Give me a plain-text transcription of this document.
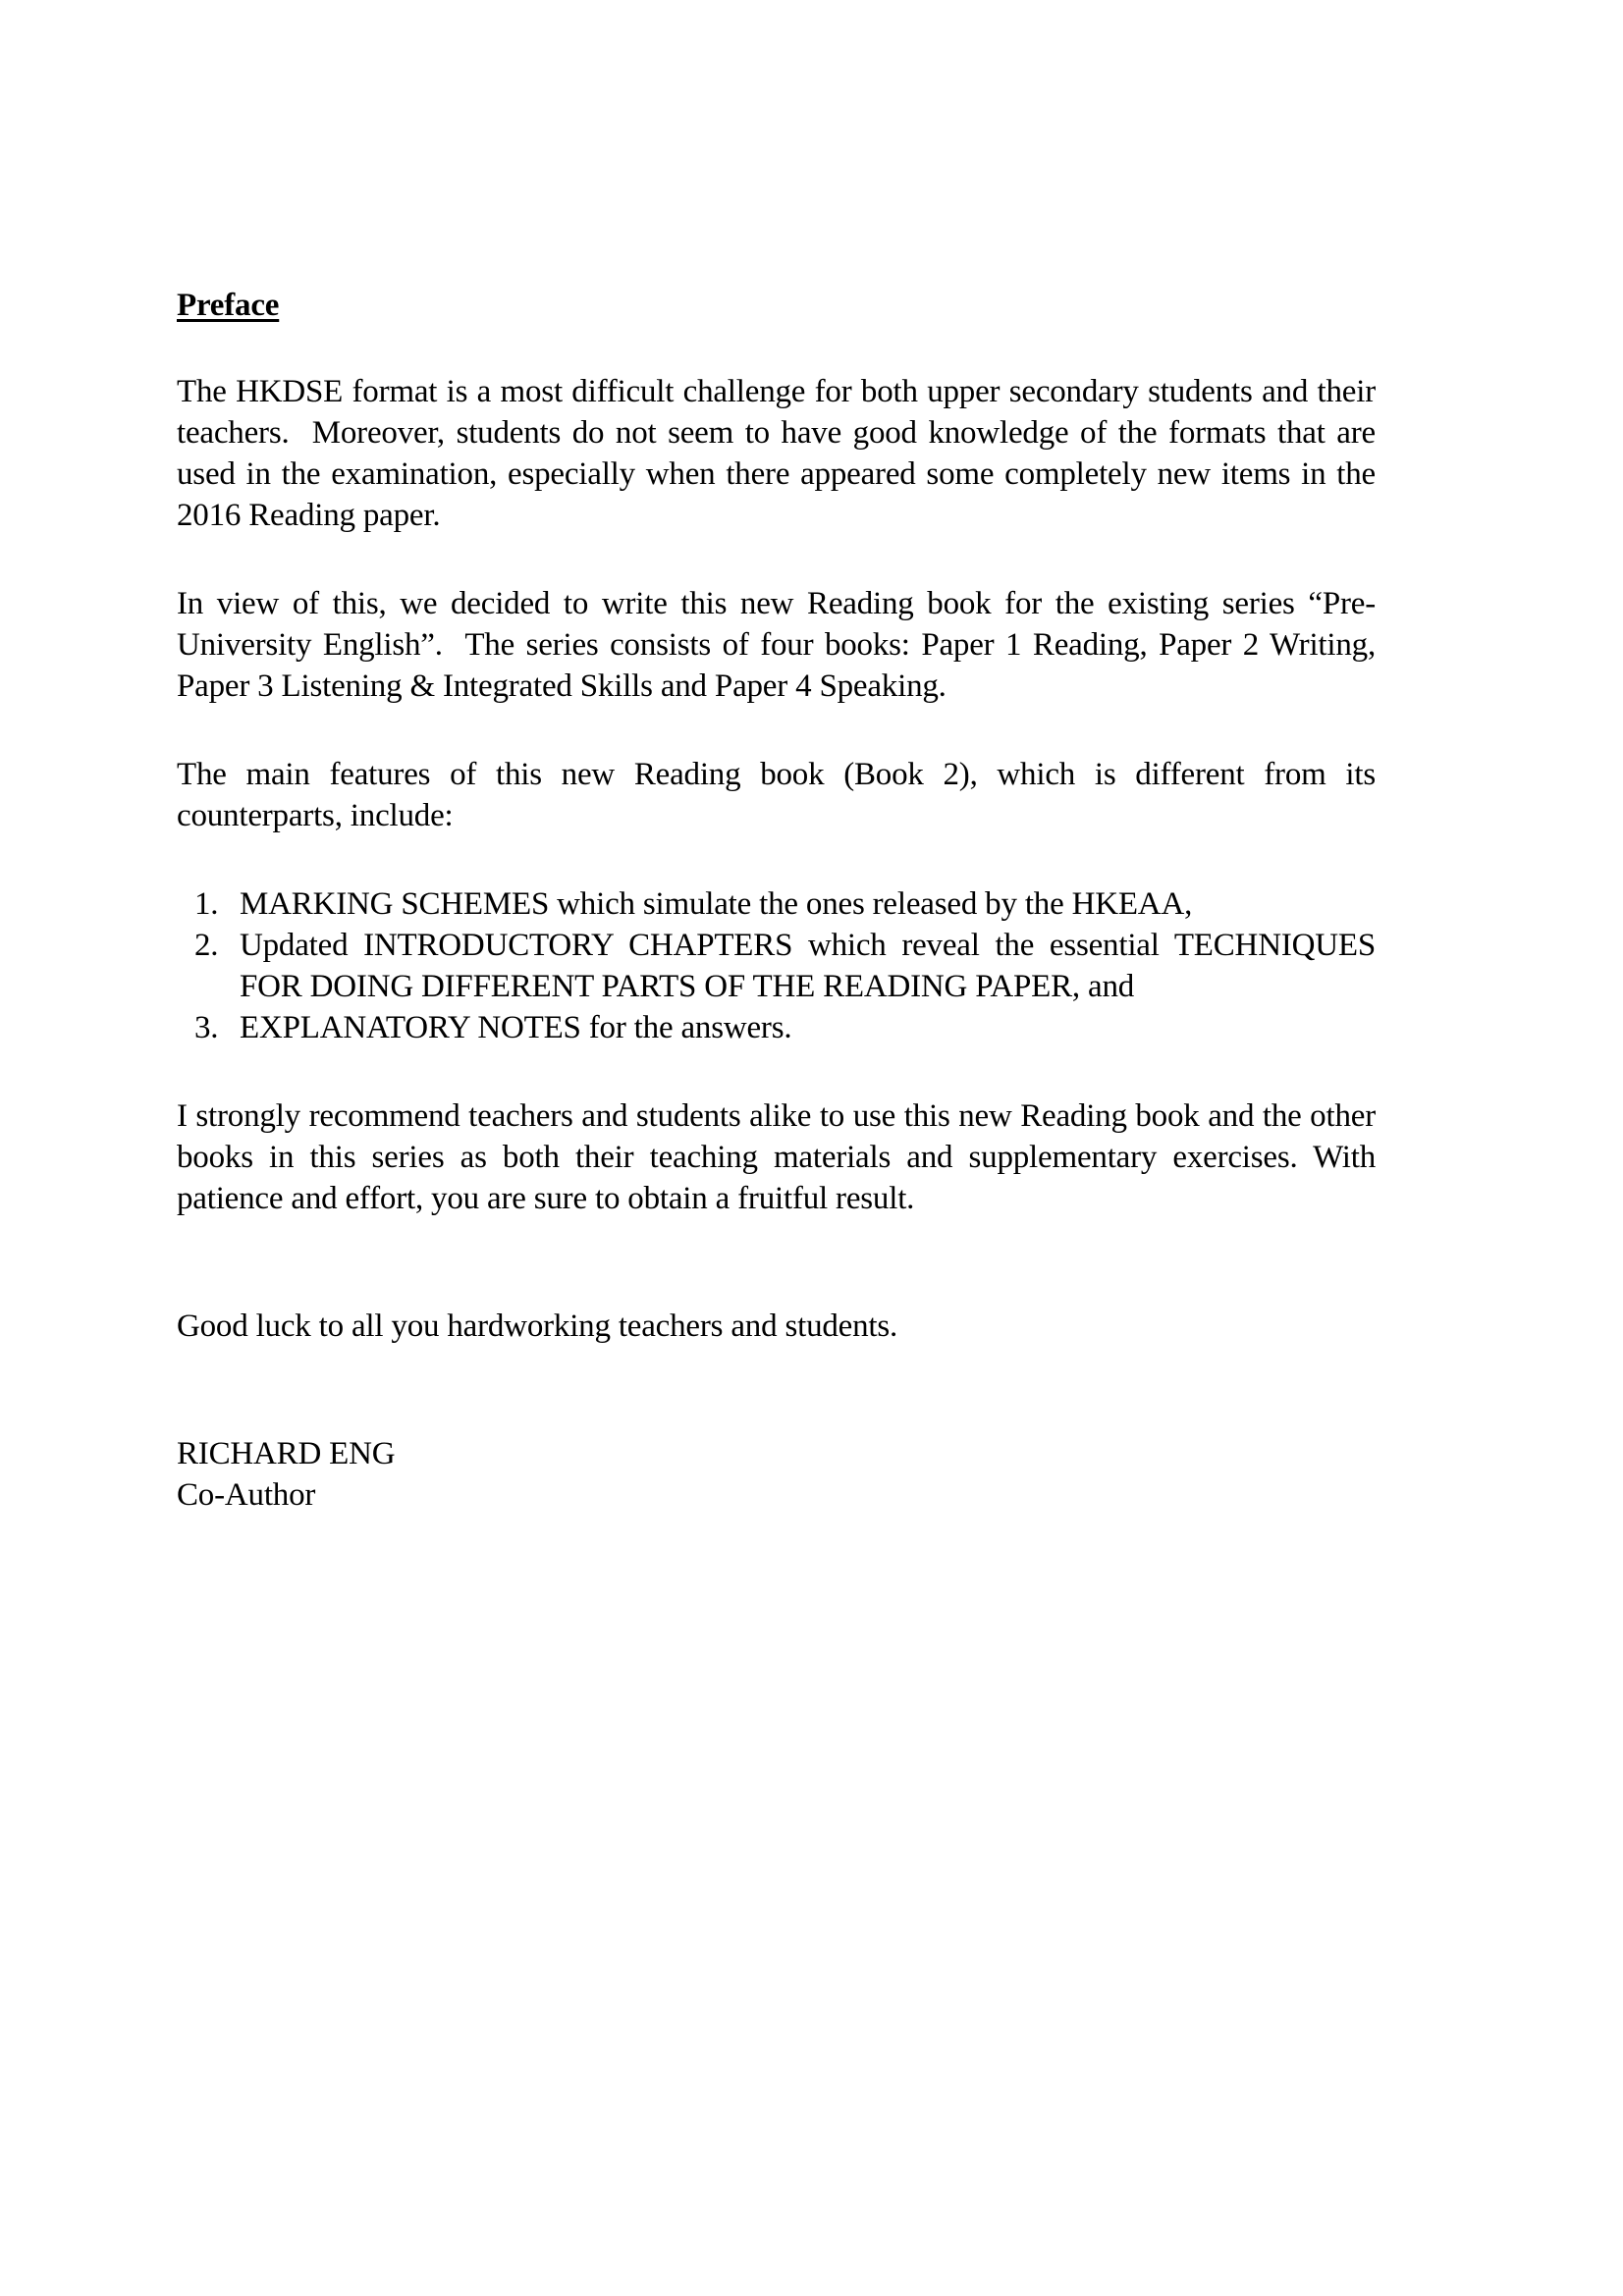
Preface

The HKDSE format is a most difficult challenge for both upper secondary students and their teachers.  Moreover, students do not seem to have good knowledge of the formats that are used in the examination, especially when there appeared some completely new items in the 2016 Reading paper.

In view of this, we decided to write this new Reading book for the existing series “Pre-University English”.  The series consists of four books: Paper 1 Reading, Paper 2 Writing, Paper 3 Listening & Integrated Skills and Paper 4 Speaking.

The main features of this new Reading book (Book 2), which is different from its counterparts, include:

1. MARKING SCHEMES which simulate the ones released by the HKEAA,
2. Updated INTRODUCTORY CHAPTERS which reveal the essential TECHNIQUES FOR DOING DIFFERENT PARTS OF THE READING PAPER, and
3. EXPLANATORY NOTES for the answers.

I strongly recommend teachers and students alike to use this new Reading book and the other books in this series as both their teaching materials and supplementary exercises. With patience and effort, you are sure to obtain a fruitful result.

Good luck to all you hardworking teachers and students.

RICHARD ENG

Co-Author
